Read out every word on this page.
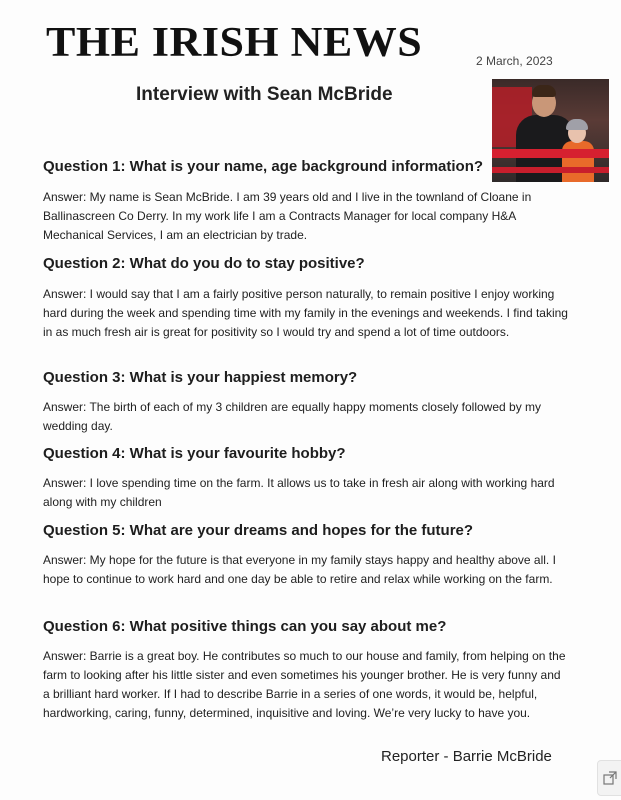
THE IRISH NEWS	2 March, 2023
Interview with Sean McBride
Question 1: What is your name, age background information?
Answer: My name is Sean McBride. I am 39 years old and I live in the townland of Cloane in Ballinascreen Co Derry. In my work life I am a Contracts Manager for local company H&A Mechanical Services, I am an electrician by trade.
Question 2: What do you do to stay positive?
Answer: I would say that I am a fairly positive person naturally, to remain positive I enjoy working hard during the week and spending time with my family in the evenings and weekends. I find taking in as much fresh air is great for positivity so I would try and spend a lot of time outdoors.
Question 3: What is your happiest memory?
Answer: The birth of each of my 3 children are equally happy moments closely followed by my wedding day.
Question 4: What is your favourite hobby?
Answer: I love spending time on the farm. It allows us to take in fresh air along with working hard along with my children
Question 5: What are your dreams and hopes for the future?
Answer: My hope for the future is that everyone in my family stays happy and healthy above all. I hope to continue to work hard and one day be able to retire and relax while working on the farm.
Question 6: What positive things can you say about me?
Answer: Barrie is a great boy. He contributes so much to our house and family, from helping on the farm to looking after his little sister and even sometimes his younger brother. He is very funny and a brilliant hard worker. If I had to describe Barrie in a series of one words, it would be, helpful, hardworking, caring, funny, determined, inquisitive and loving. We’re very lucky to have you.
Reporter - Barrie McBride
